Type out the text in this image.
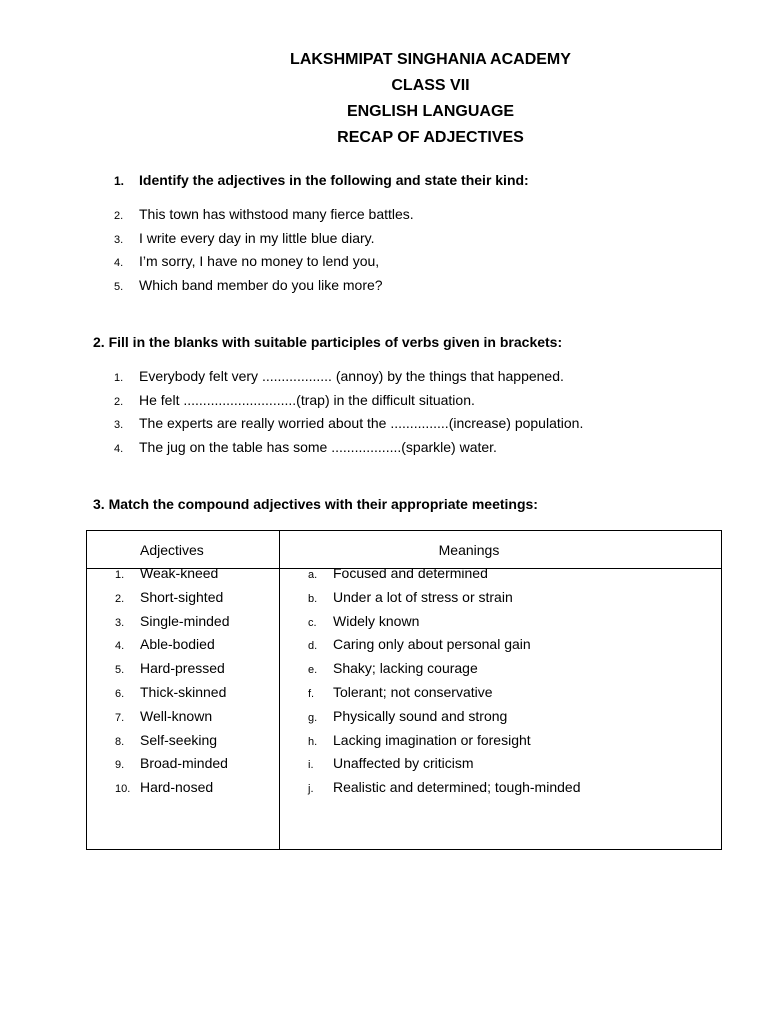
LAKSHMIPAT SINGHANIA ACADEMY
CLASS VII
ENGLISH LANGUAGE
RECAP OF ADJECTIVES
1. Identify the adjectives in the following and state their kind:
2. This town has withstood many fierce battles.
3. I write every day in my little blue diary.
4. I’m sorry, I have no money to lend you,
5. Which band member do you like more?
2. Fill in the blanks with suitable participles of verbs given in brackets:
1. Everybody felt very .................. (annoy) by the things that happened.
2. He felt .............................(trap) in the difficult situation.
3. The experts are really worried about the ...............(increase) population.
4. The jug on the table has some ..................(sparkle) water.
3. Match the compound adjectives with their appropriate meetings:
Adjectives	Meanings
1. Weak-kneed
2. Short-sighted
3. Single-minded
4. Able-bodied
5. Hard-pressed
6. Thick-skinned
7. Well-known
8. Self-seeking
9. Broad-minded
10. Hard-nosed
a. Focused and determined
b. Under a lot of stress or strain
c. Widely known
d. Caring only about personal gain
e. Shaky; lacking courage
f. Tolerant; not conservative
g. Physically sound and strong
h. Lacking imagination or foresight
i. Unaffected by criticism
j. Realistic and determined; tough-minded
